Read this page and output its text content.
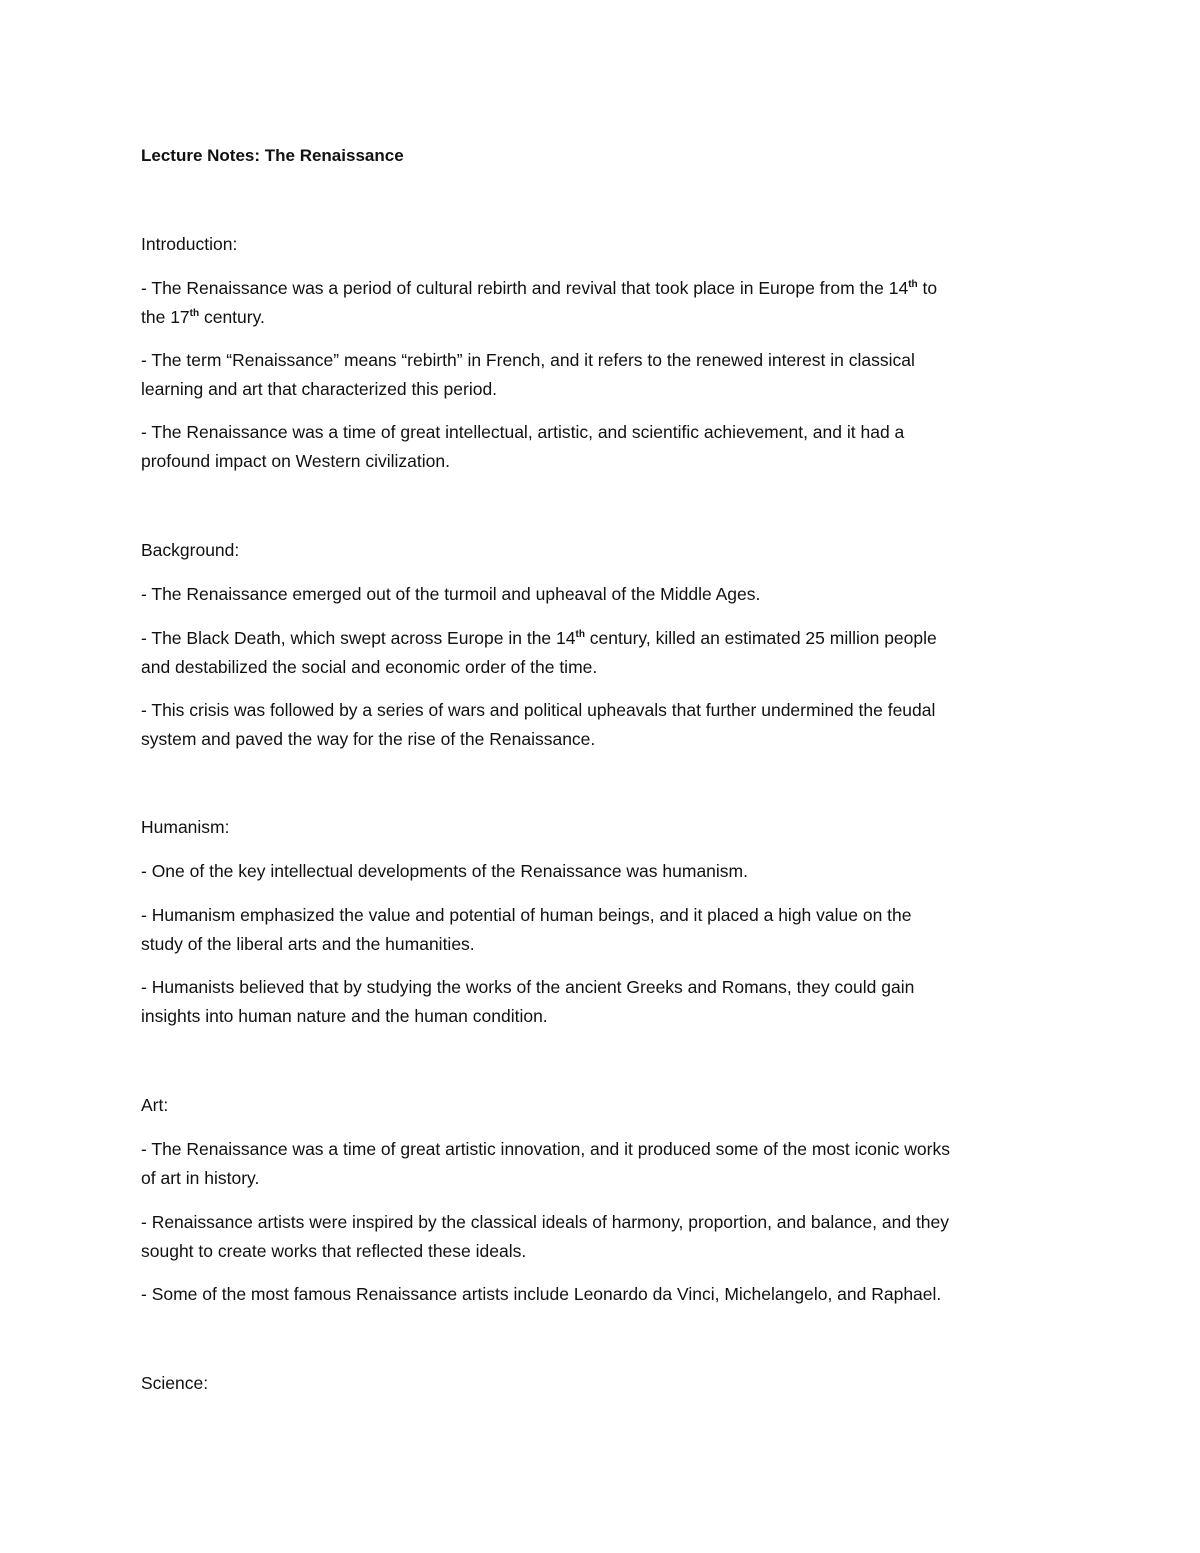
Lecture Notes: The Renaissance
Introduction:
- The Renaissance was a period of cultural rebirth and revival that took place in Europe from the 14th to
the 17th century.
- The term “Renaissance” means “rebirth” in French, and it refers to the renewed interest in classical
learning and art that characterized this period.
- The Renaissance was a time of great intellectual, artistic, and scientific achievement, and it had a
profound impact on Western civilization.
Background:
- The Renaissance emerged out of the turmoil and upheaval of the Middle Ages.
- The Black Death, which swept across Europe in the 14th century, killed an estimated 25 million people
and destabilized the social and economic order of the time.
- This crisis was followed by a series of wars and political upheavals that further undermined the feudal
system and paved the way for the rise of the Renaissance.
Humanism:
- One of the key intellectual developments of the Renaissance was humanism.
- Humanism emphasized the value and potential of human beings, and it placed a high value on the
study of the liberal arts and the humanities.
- Humanists believed that by studying the works of the ancient Greeks and Romans, they could gain
insights into human nature and the human condition.
Art:
- The Renaissance was a time of great artistic innovation, and it produced some of the most iconic works
of art in history.
- Renaissance artists were inspired by the classical ideals of harmony, proportion, and balance, and they
sought to create works that reflected these ideals.
- Some of the most famous Renaissance artists include Leonardo da Vinci, Michelangelo, and Raphael.
Science:
